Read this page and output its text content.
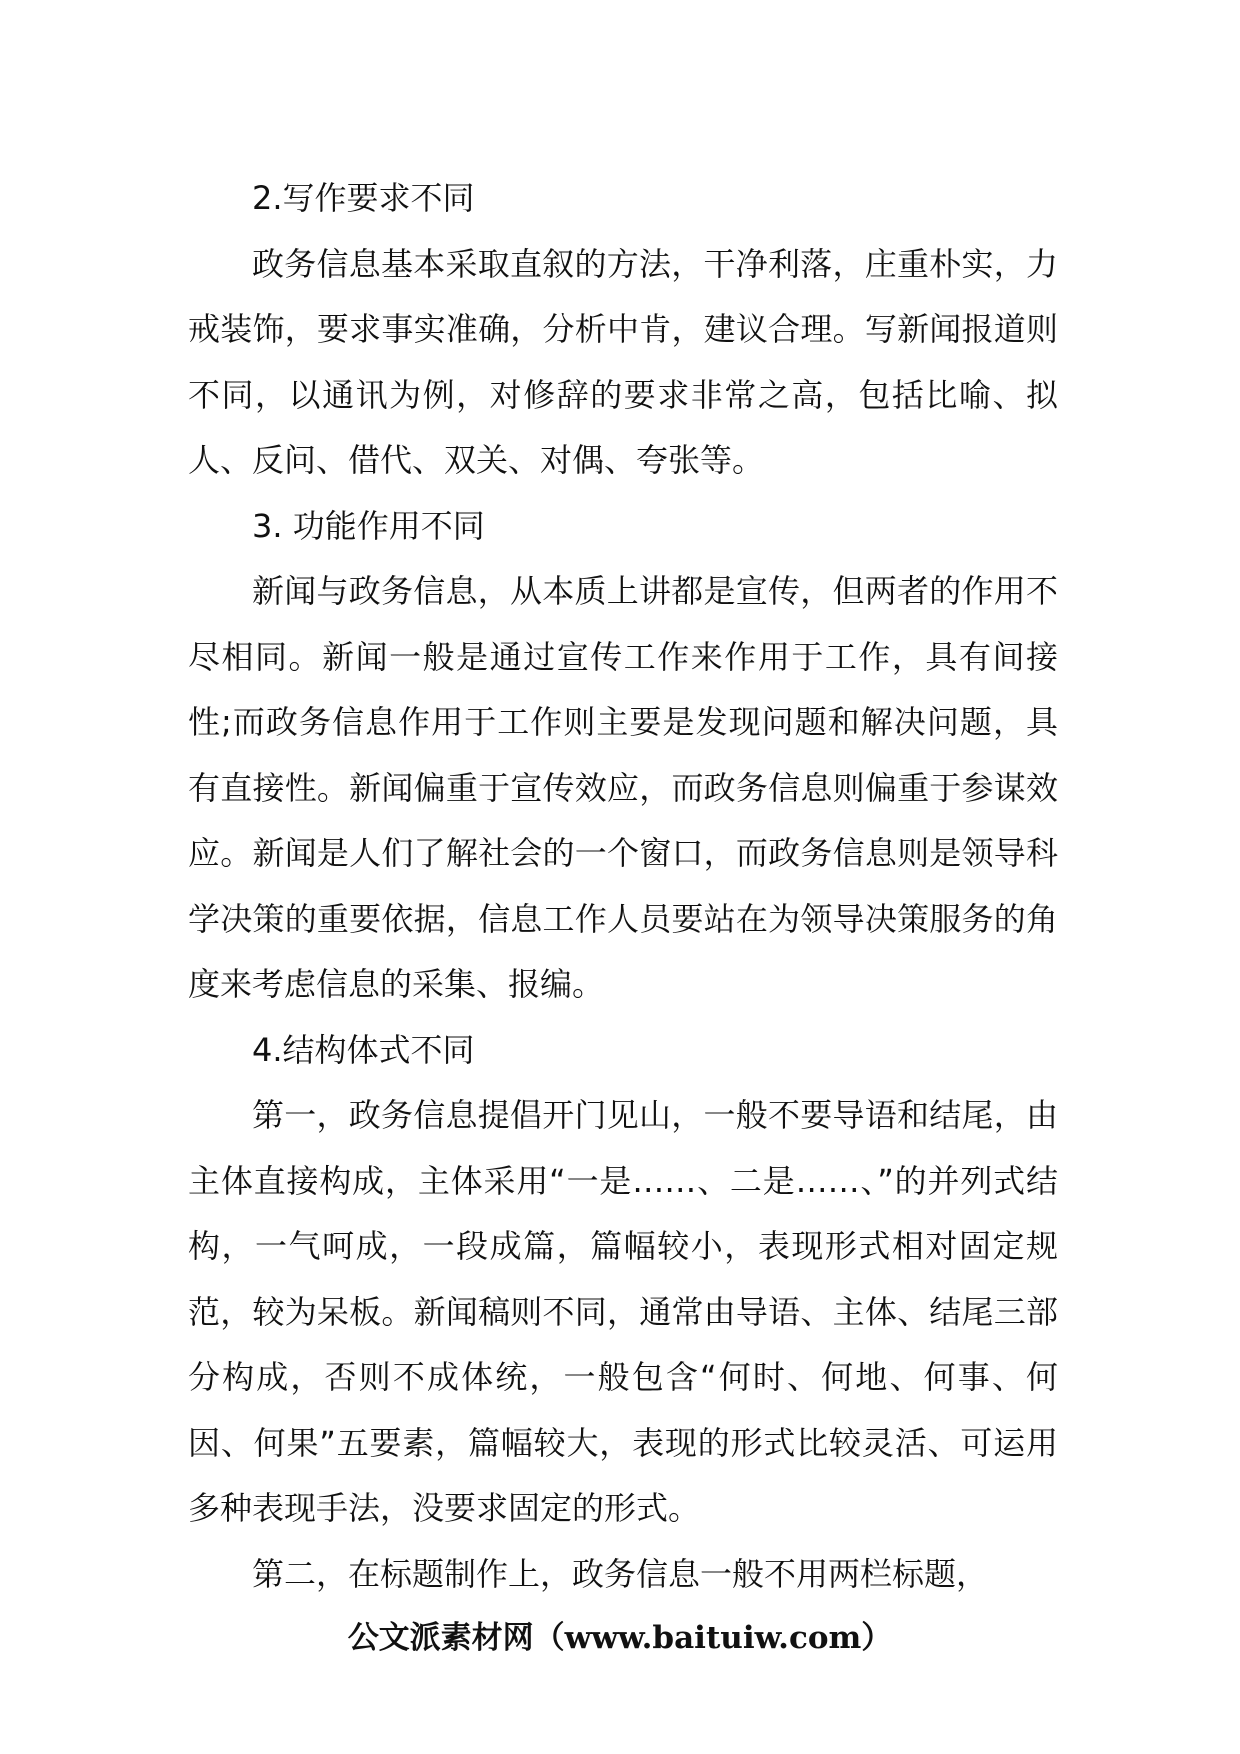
2.写作要求不同

政务信息基本采取直叙的方法，干净利落，庄重朴实，力戒装饰，要求事实准确，分析中肯，建议合理。写新闻报道则不同，以通讯为例，对修辞的要求非常之高，包括比喻、拟人、反问、借代、双关、对偶、夸张等。

3. 功能作用不同

新闻与政务信息，从本质上讲都是宣传，但两者的作用不尽相同。新闻一般是通过宣传工作来作用于工作，具有间接性;而政务信息作用于工作则主要是发现问题和解决问题，具有直接性。新闻偏重于宣传效应，而政务信息则偏重于参谋效应。新闻是人们了解社会的一个窗口，而政务信息则是领导科学决策的重要依据，信息工作人员要站在为领导决策服务的角度来考虑信息的采集、报编。

4.结构体式不同

第一，政务信息提倡开门见山，一般不要导语和结尾，由主体直接构成，主体采用“一是……、二是……、”的并列式结构，一气呵成，一段成篇，篇幅较小，表现形式相对固定规范，较为呆板。新闻稿则不同，通常由导语、主体、结尾三部分构成，否则不成体统，一般包含“何时、何地、何事、何因、何果”五要素，篇幅较大，表现的形式比较灵活、可运用多种表现手法，没要求固定的形式。

第二，在标题制作上，政务信息一般不用两栏标题，

公文派素材网（www.baituiw.com）
